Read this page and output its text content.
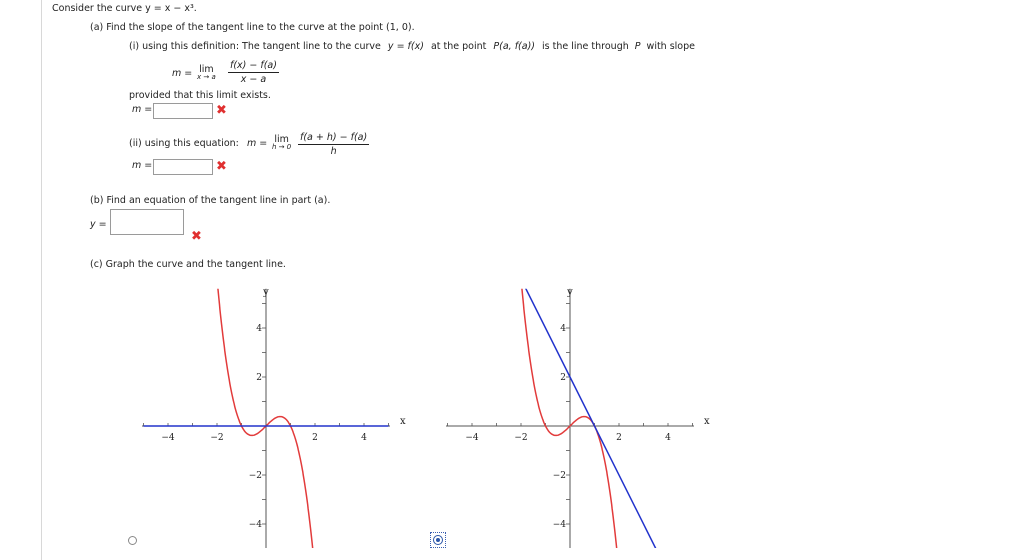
Consider the curve y = x − x³.
(a) Find the slope of the tangent line to the curve at the point (1, 0).
(i) using this definition: The tangent line to the curve y = f(x) at the point P(a, f(a)) is the line through P with slope
m = lim
x → a $\frac{f(x) - f(a)}{x - a}$
provided that this limit exists.
m =	✖
(ii) using this equation: m = lim
$h \to 0 \frac{f(a + h) - f(a)}{h}$
m =	✖
(b) Find an equation of the tangent line in part (a).
y =
✖
(c) Graph the curve and the tangent line.
−4	−2	2	4
4
2
−2
−4
x
y
−4	−2	2	4
4
2
−2
−4
x
y
